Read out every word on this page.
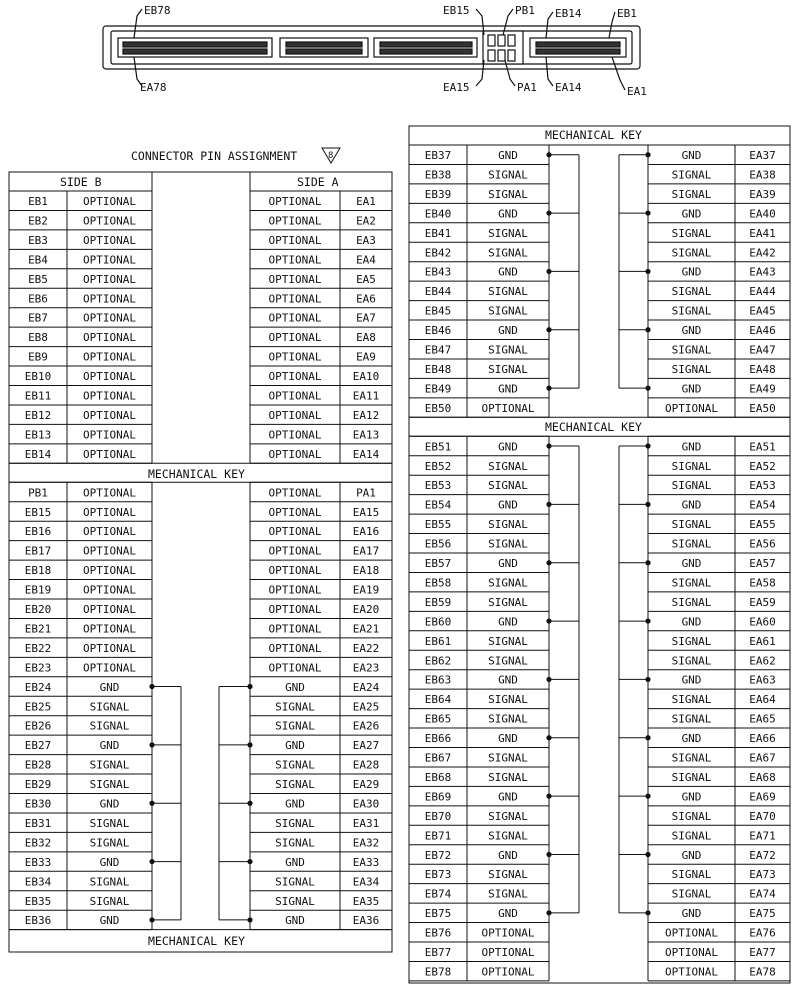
EB78
EA78
EB15	PB1 EB14	EB1
EA15	PA1 EA14	EA1
CONNECTOR PIN ASSIGNMENT	8
SIDE B	SIDE A
MECHANICAL KEY
MECHANICAL KEY
EB1	OPTIONAL	OPTIONAL	EA1
EB2	OPTIONAL	OPTIONAL	EA2
EB3	OPTIONAL	OPTIONAL	EA3
EB4	OPTIONAL	OPTIONAL	EA4
EB5	OPTIONAL	OPTIONAL	EA5
EB6	OPTIONAL	OPTIONAL	EA6
EB7	OPTIONAL	OPTIONAL	EA7
EB8	OPTIONAL	OPTIONAL	EA8
EB9	OPTIONAL	OPTIONAL	EA9
EB10	OPTIONAL	OPTIONAL	EA10
EB11	OPTIONAL	OPTIONAL	EA11
EB12	OPTIONAL	OPTIONAL	EA12
EB13	OPTIONAL	OPTIONAL	EA13
EB14	OPTIONAL	OPTIONAL	EA14
PB1	OPTIONAL	OPTIONAL	PA1
EB15	OPTIONAL	OPTIONAL	EA15
EB16	OPTIONAL	OPTIONAL	EA16
EB17	OPTIONAL	OPTIONAL	EA17
EB18	OPTIONAL	OPTIONAL	EA18
EB19	OPTIONAL	OPTIONAL	EA19
EB20	OPTIONAL	OPTIONAL	EA20
EB21	OPTIONAL	OPTIONAL	EA21
EB22	OPTIONAL	OPTIONAL	EA22
EB23	OPTIONAL	OPTIONAL	EA23
EB24	GND	GND	EA24
EB25	SIGNAL	SIGNAL	EA25
EB26	SIGNAL	SIGNAL	EA26
EB27	GND	GND	EA27
EB28	SIGNAL	SIGNAL	EA28
EB29	SIGNAL	SIGNAL	EA29
EB30	GND	GND	EA30
EB31	SIGNAL	SIGNAL	EA31
EB32	SIGNAL	SIGNAL	EA32
EB33	GND	GND	EA33
EB34	SIGNAL	SIGNAL	EA34
EB35	SIGNAL	SIGNAL	EA35
EB36	GND	GND	EA36
MECHANICAL KEY
MECHANICAL KEY
EB37	GND	GND	EA37
EB38	SIGNAL	SIGNAL	EA38
EB39	SIGNAL	SIGNAL	EA39
EB40	GND	GND	EA40
EB41	SIGNAL	SIGNAL	EA41
EB42	SIGNAL	SIGNAL	EA42
EB43	GND	GND	EA43
EB44	SIGNAL	SIGNAL	EA44
EB45	SIGNAL	SIGNAL	EA45
EB46	GND	GND	EA46
EB47	SIGNAL	SIGNAL	EA47
EB48	SIGNAL	SIGNAL	EA48
EB49	GND	GND	EA49
EB50	OPTIONAL	OPTIONAL	EA50
EB51	GND	GND	EA51
EB52	SIGNAL	SIGNAL	EA52
EB53	SIGNAL	SIGNAL	EA53
EB54	GND	GND	EA54
EB55	SIGNAL	SIGNAL	EA55
EB56	SIGNAL	SIGNAL	EA56
EB57	GND	GND	EA57
EB58	SIGNAL	SIGNAL	EA58
EB59	SIGNAL	SIGNAL	EA59
EB60	GND	GND	EA60
EB61	SIGNAL	SIGNAL	EA61
EB62	SIGNAL	SIGNAL	EA62
EB63	GND	GND	EA63
EB64	SIGNAL	SIGNAL	EA64
EB65	SIGNAL	SIGNAL	EA65
EB66	GND	GND	EA66
EB67	SIGNAL	SIGNAL	EA67
EB68	SIGNAL	SIGNAL	EA68
EB69	GND	GND	EA69
EB70	SIGNAL	SIGNAL	EA70
EB71	SIGNAL	SIGNAL	EA71
EB72	GND	GND	EA72
EB73	SIGNAL	SIGNAL	EA73
EB74	SIGNAL	SIGNAL	EA74
EB75	GND	GND	EA75
EB76	OPTIONAL	OPTIONAL	EA76
EB77	OPTIONAL	OPTIONAL	EA77
EB78	OPTIONAL	OPTIONAL	EA78
